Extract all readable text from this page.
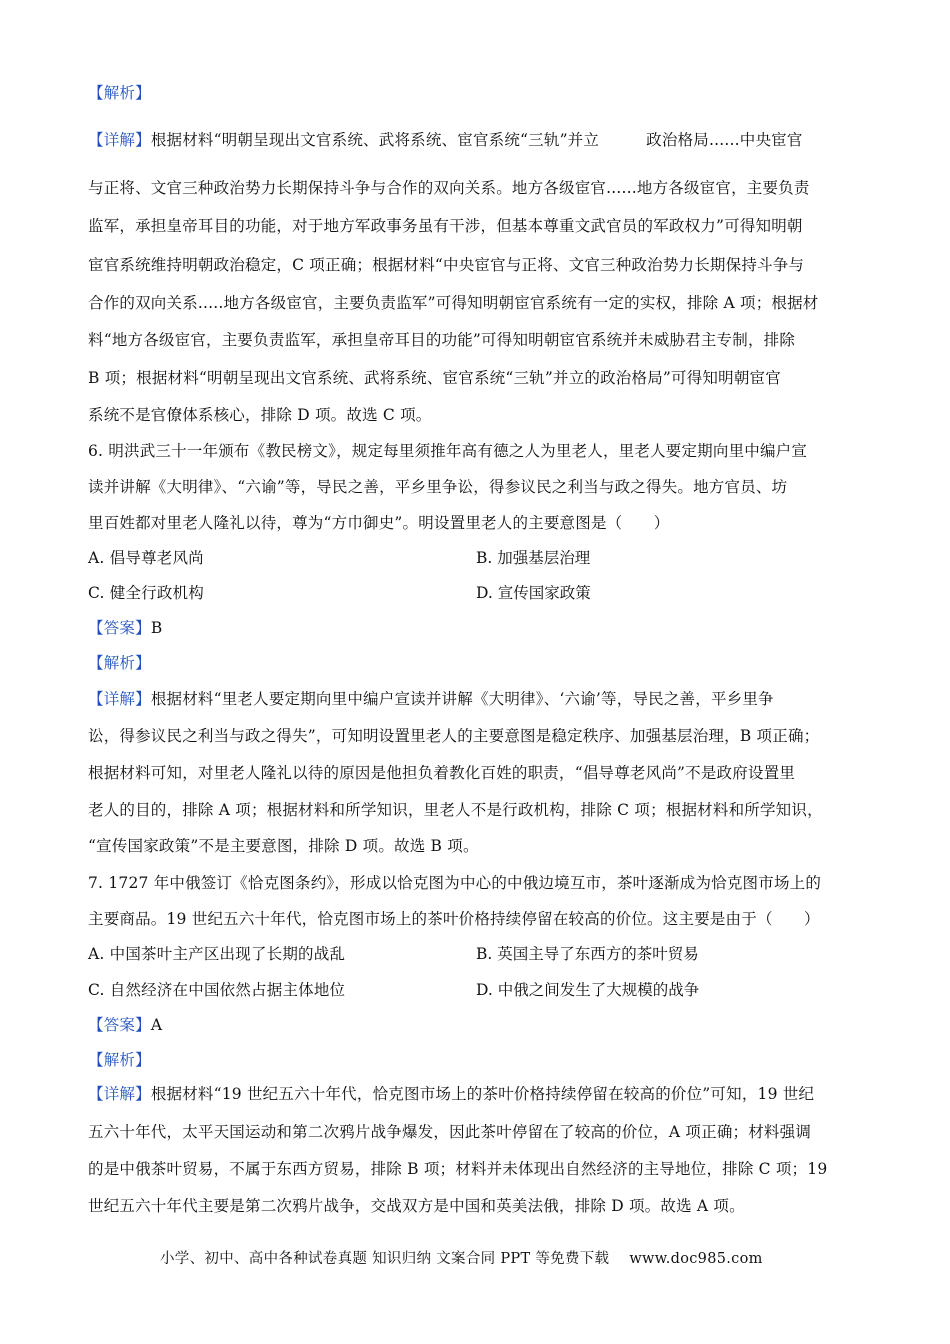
【解析】
【详解】根据材料“明朝呈现出文官系统、武将系统、宦官系统“三轨”并立　　　政治格局......中央宦官
与正将、文官三种政治势力长期保持斗争与合作的双向关系。地方各级宦官......地方各级宦官，主要负责
监军，承担皇帝耳目的功能，对于地方军政事务虽有干涉，但基本尊重文武官员的军政权力”可得知明朝
宦官系统维持明朝政治稳定，C 项正确；根据材料“中央宦官与正将、文官三种政治势力长期保持斗争与
合作的双向关系.....地方各级宦官，主要负责监军”可得知明朝宦官系统有一定的实权，排除 A 项；根据材
料“地方各级宦官，主要负责监军，承担皇帝耳目的功能”可得知明朝宦官系统并未威胁君主专制，排除
B 项；根据材料“明朝呈现出文官系统、武将系统、宦官系统“三轨”并立的政治格局”可得知明朝宦官
系统不是官僚体系核心，排除 D 项。故选 C 项。
6. 明洪武三十一年颁布《教民榜文》，规定每里须推年高有德之人为里老人，里老人要定期向里中编户宣
读并讲解《大明律》、“六谕”等，导民之善，平乡里争讼，得参议民之利当与政之得失。地方官员、坊
里百姓都对里老人隆礼以待，尊为“方巾御史”。明设置里老人的主要意图是（　　）
A. 倡导尊老风尚	B. 加强基层治理
C. 健全行政机构	D. 宣传国家政策
【答案】B
【解析】
【详解】根据材料“里老人要定期向里中编户宣读并讲解《大明律》、‘六谕’等，导民之善，平乡里争
讼，得参议民之利当与政之得失”，可知明设置里老人的主要意图是稳定秩序、加强基层治理，B 项正确；
根据材料可知，对里老人隆礼以待的原因是他担负着教化百姓的职责，“倡导尊老风尚”不是政府设置里
老人的目的，排除 A 项；根据材料和所学知识，里老人不是行政机构，排除 C 项；根据材料和所学知识，
“宣传国家政策”不是主要意图，排除 D 项。故选 B 项。
7. 1727 年中俄签订《恰克图条约》，形成以恰克图为中心的中俄边境互市，茶叶逐渐成为恰克图市场上的
主要商品。19 世纪五六十年代，恰克图市场上的茶叶价格持续停留在较高的价位。这主要是由于（　　）
A. 中国茶叶主产区出现了长期的战乱	B. 英国主导了东西方的茶叶贸易
C. 自然经济在中国依然占据主体地位	D. 中俄之间发生了大规模的战争
【答案】A
【解析】
【详解】根据材料“19 世纪五六十年代，恰克图市场上的茶叶价格持续停留在较高的价位”可知，19 世纪
五六十年代，太平天国运动和第二次鸦片战争爆发，因此茶叶停留在了较高的价位，A 项正确；材料强调
的是中俄茶叶贸易，不属于东西方贸易，排除 B 项；材料并未体现出自然经济的主导地位，排除 C 项；19
世纪五六十年代主要是第二次鸦片战争，交战双方是中国和英美法俄，排除 D 项。故选 A 项。
小学、初中、高中各种试卷真题 知识归纳 文案合同 PPT 等免费下载 www.doc985.com
